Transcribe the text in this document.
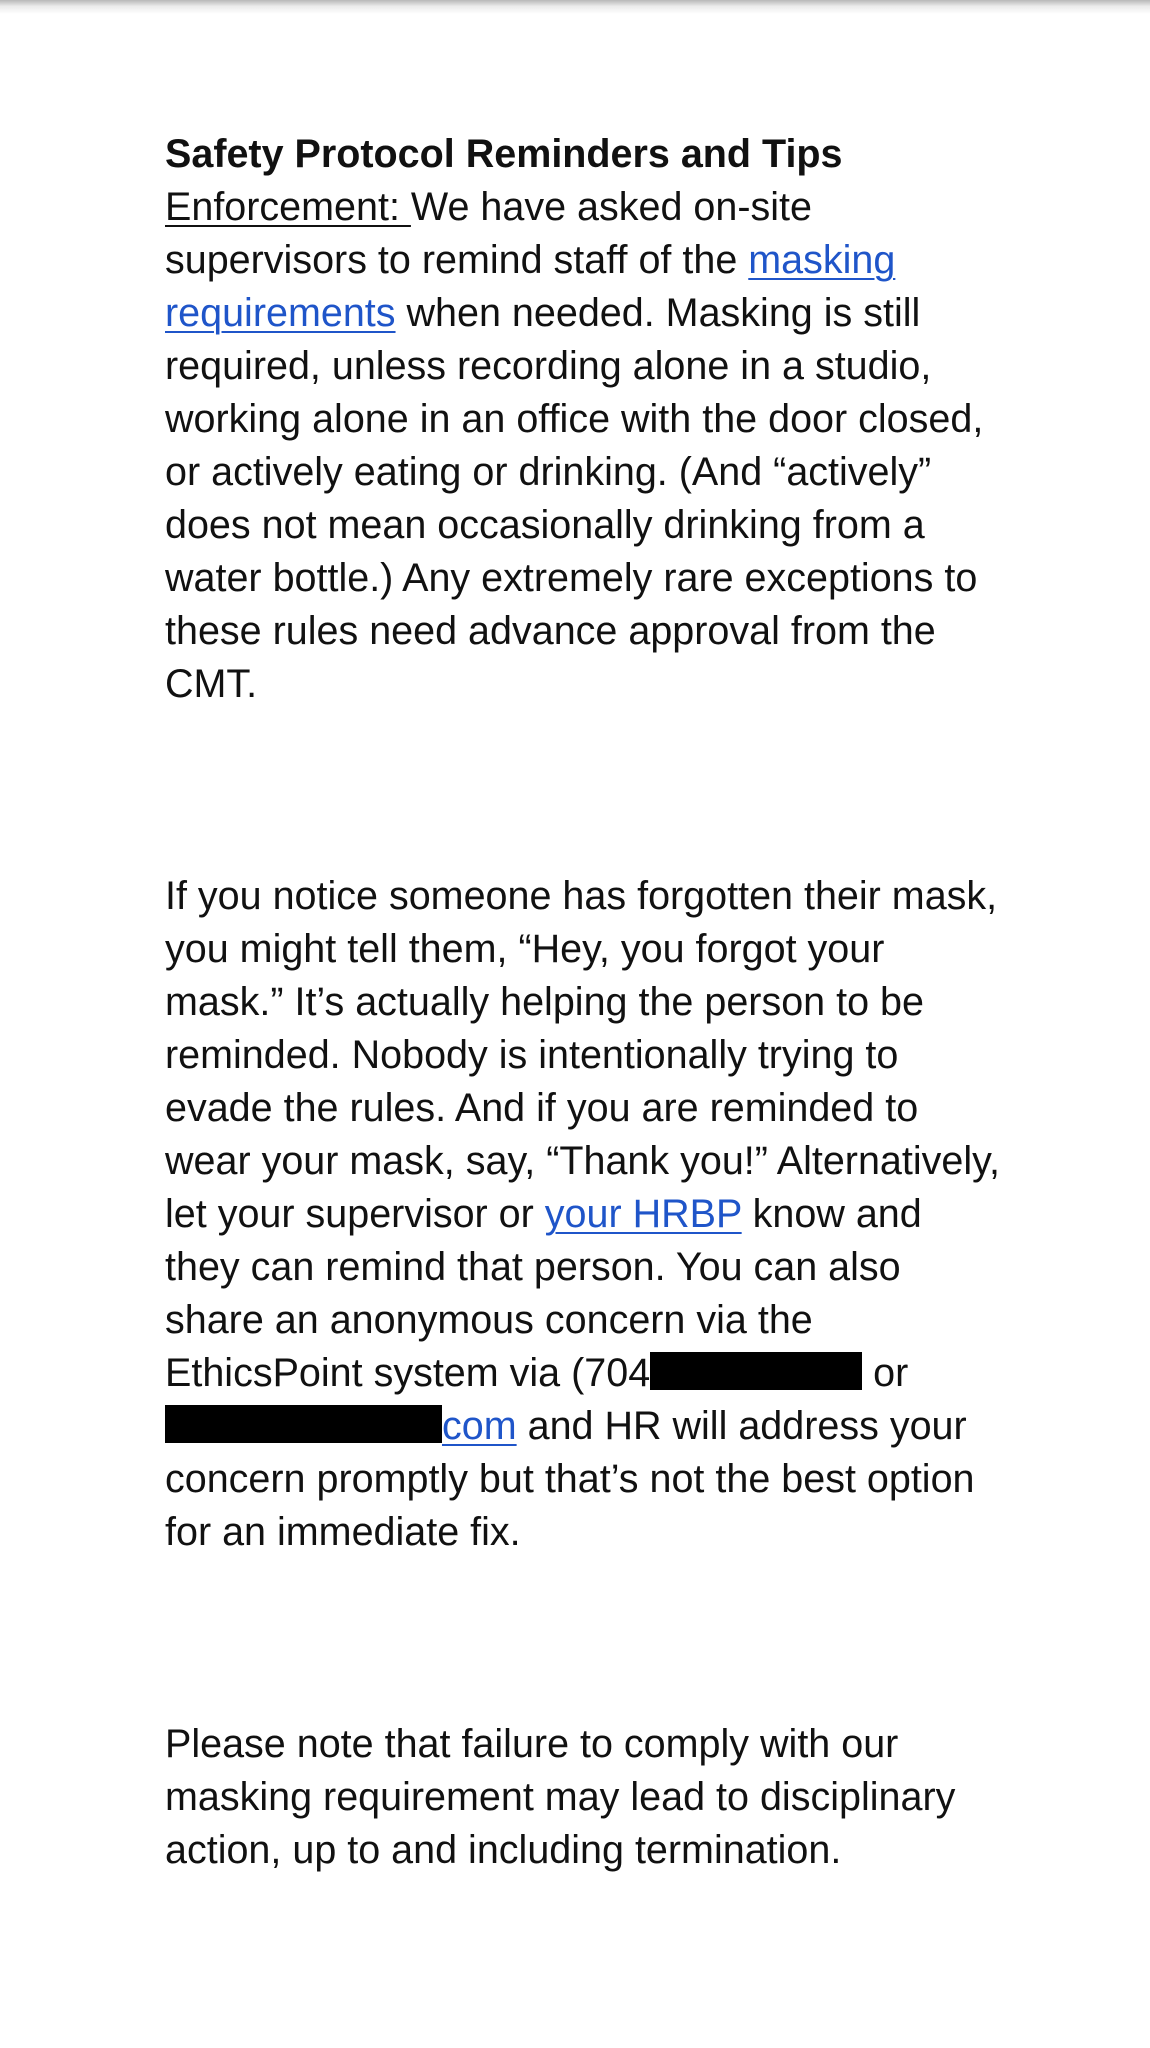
Safety Protocol Reminders and Tips

Enforcement: We have asked on-site supervisors to remind staff of the masking requirements when needed. Masking is still required, unless recording alone in a studio, working alone in an office with the door closed, or actively eating or drinking. (And “actively” does not mean occasionally drinking from a water bottle.) Any extremely rare exceptions to these rules need advance approval from the CMT.

If you notice someone has forgotten their mask, you might tell them, “Hey, you forgot your mask.” It’s actually helping the person to be reminded. Nobody is intentionally trying to evade the rules. And if you are reminded to wear your mask, say, “Thank you!” Alternatively, let your supervisor or your HRBP know and they can remind that person. You can also share an anonymous concern via the EthicsPoint system via (704	or com and HR will address your concern promptly but that’s not the best option for an immediate fix.

Please note that failure to comply with our masking requirement may lead to disciplinary action, up to and including termination.
